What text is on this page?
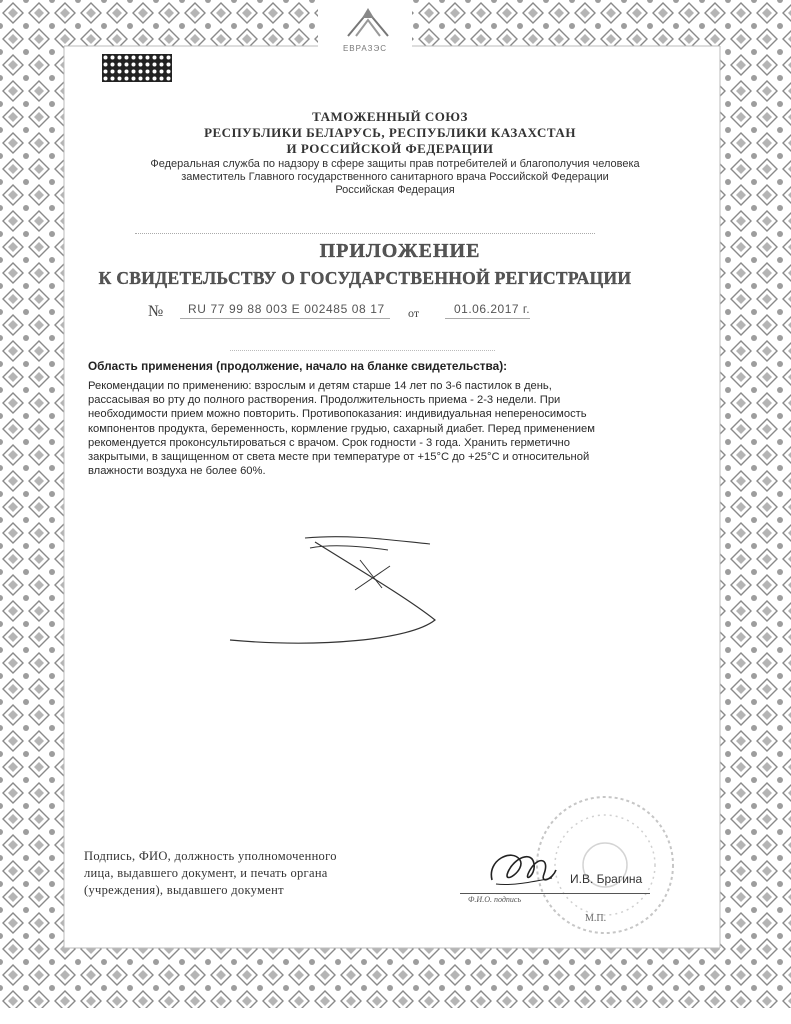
ЕВРАЗЭС
ТАМОЖЕННЫЙ СОЮЗ
РЕСПУБЛИКИ БЕЛАРУСЬ, РЕСПУБЛИКИ КАЗАХСТАН
И РОССИЙСКОЙ ФЕДЕРАЦИИ
Федеральная служба по надзору в сфере защиты прав потребителей и благополучия человека
заместитель Главного государственного санитарного врача Российской Федерации
Российская Федерация
ПРИЛОЖЕНИЕ
К СВИДЕТЕЛЬСТВУ О ГОСУДАРСТВЕННОЙ РЕГИСТРАЦИИ
№ RU 77 99 88 003 E 002485 08 17 от	01.06.2017 г.
Область применения (продолжение, начало на бланке свидетельства):
Рекомендации по применению: взрослым и детям старше 14 лет по 3-6 пастилок в день,
рассасывая во рту до полного растворения. Продолжительность приема - 2-3 недели. При
необходимости прием можно повторить. Противопоказания: индивидуальная непереносимость
компонентов продукта, беременность, кормление грудью, сахарный диабет. Перед применением
рекомендуется проконсультироваться с врачом. Срок годности - 3 года. Хранить герметично
закрытыми, в защищенном от света месте при температуре от +15°С до +25°С и относительной
влажности воздуха не более 60%.
Подпись, ФИО, должность уполномоченного
лица, выдавшего документ, и печать органа
(учреждения), выдавшего документ
И.В. Брагина
Ф.И.О. подпись
М.П.
